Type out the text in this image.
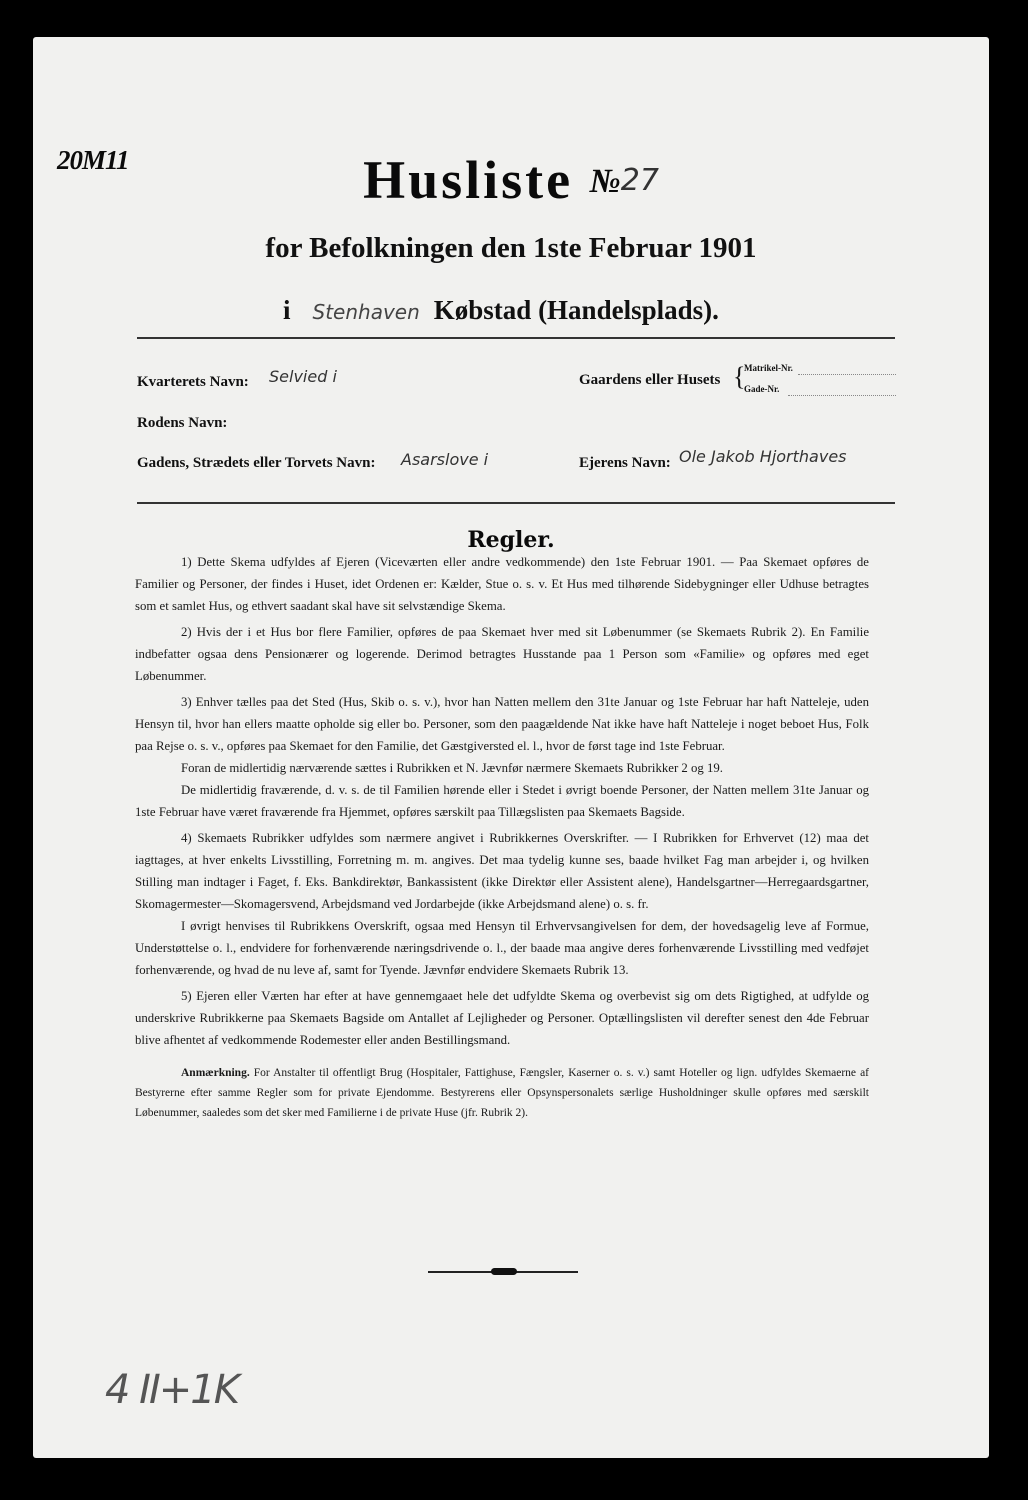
20M11	Husliste №27
for Befolkningen den 1ste Februar 1901
i Stenhaven Købstad (Handelsplads).
Kvarterets Navn: Selvied i	Gaardens eller Husets {
Matrikel-Nr.
Gade-Nr.
Rodens Navn:
Gadens, Strædets eller Torvets Navn: Asarslove i	Ejerens Navn: Ole Jakob Hjorthaves
Regler.

1) Dette Skema udfyldes af Ejeren (Viceværten eller andre vedkommende) den 1ste Februar 1901. — Paa Skemaet opføres de Familier og Personer, der findes i Huset, idet Ordenen er: Kælder, Stue o. s. v. Et Hus med tilhørende Sidebygninger eller Udhuse betragtes som et samlet Hus, og ethvert saadant skal have sit selvstændige Skema.

2) Hvis der i et Hus bor flere Familier, opføres de paa Skemaet hver med sit Løbenummer (se Skemaets Rubrik 2). En Familie indbefatter ogsaa dens Pensionærer og logerende. Derimod betragtes Husstande paa 1 Person som «Familie» og opføres med eget Løbenummer.

3) Enhver tælles paa det Sted (Hus, Skib o. s. v.), hvor han Natten mellem den 31te Januar og 1ste Februar har haft Natteleje, uden Hensyn til, hvor han ellers maatte opholde sig eller bo. Personer, som den paagældende Nat ikke have haft Natteleje i noget beboet Hus, Folk paa Rejse o. s. v., opføres paa Skemaet for den Familie, det Gæstgiversted el. l., hvor de først tage ind 1ste Februar.

Foran de midlertidig nærværende sættes i Rubrikken et N. Jævnfør nærmere Skemaets Rubrikker 2 og 19.

De midlertidig fraværende, d. v. s. de til Familien hørende eller i Stedet i øvrigt boende Personer, der Natten mellem 31te Januar og 1ste Februar have været fraværende fra Hjemmet, opføres særskilt paa Tillægslisten paa Skemaets Bagside.

4) Skemaets Rubrikker udfyldes som nærmere angivet i Rubrikkernes Overskrifter. — I Rubrikken for Erhvervet (12) maa det iagttages, at hver enkelts Livsstilling, Forretning m. m. angives. Det maa tydelig kunne ses, baade hvilket Fag man arbejder i, og hvilken Stilling man indtager i Faget, f. Eks. Bankdirektør, Bankassistent (ikke Direktør eller Assistent alene), Handelsgartner—Herregaardsgartner, Skomagermester—Skomagersvend, Arbejdsmand ved Jordarbejde (ikke Arbejdsmand alene) o. s. fr.

I øvrigt henvises til Rubrikkens Overskrift, ogsaa med Hensyn til Erhvervsangivelsen for dem, der hovedsagelig leve af Formue, Understøttelse o. l., endvidere for forhenværende næringsdrivende o. l., der baade maa angive deres forhenværende Livsstilling med vedføjet forhenværende, og hvad de nu leve af, samt for Tyende. Jævnfør endvidere Skemaets Rubrik 13.

5) Ejeren eller Værten har efter at have gennemgaaet hele det udfyldte Skema og overbevist sig om dets Rigtighed, at udfylde og underskrive Rubrikkerne paa Skemaets Bagside om Antallet af Lejligheder og Personer. Optællingslisten vil derefter senest den 4de Februar blive afhentet af vedkommende Rodemester eller anden Bestillingsmand.

Anmærkning. For Anstalter til offentligt Brug (Hospitaler, Fattighuse, Fængsler, Kaserner o. s. v.) samt Hoteller og lign. udfyldes Skemaerne af Bestyrerne efter samme Regler som for private Ejendomme. Bestyrerens eller Opsynspersonalets særlige Husholdninger skulle opføres med særskilt Løbenummer, saaledes som det sker med Familierne i de private Huse (jfr. Rubrik 2).

4 II+1K
